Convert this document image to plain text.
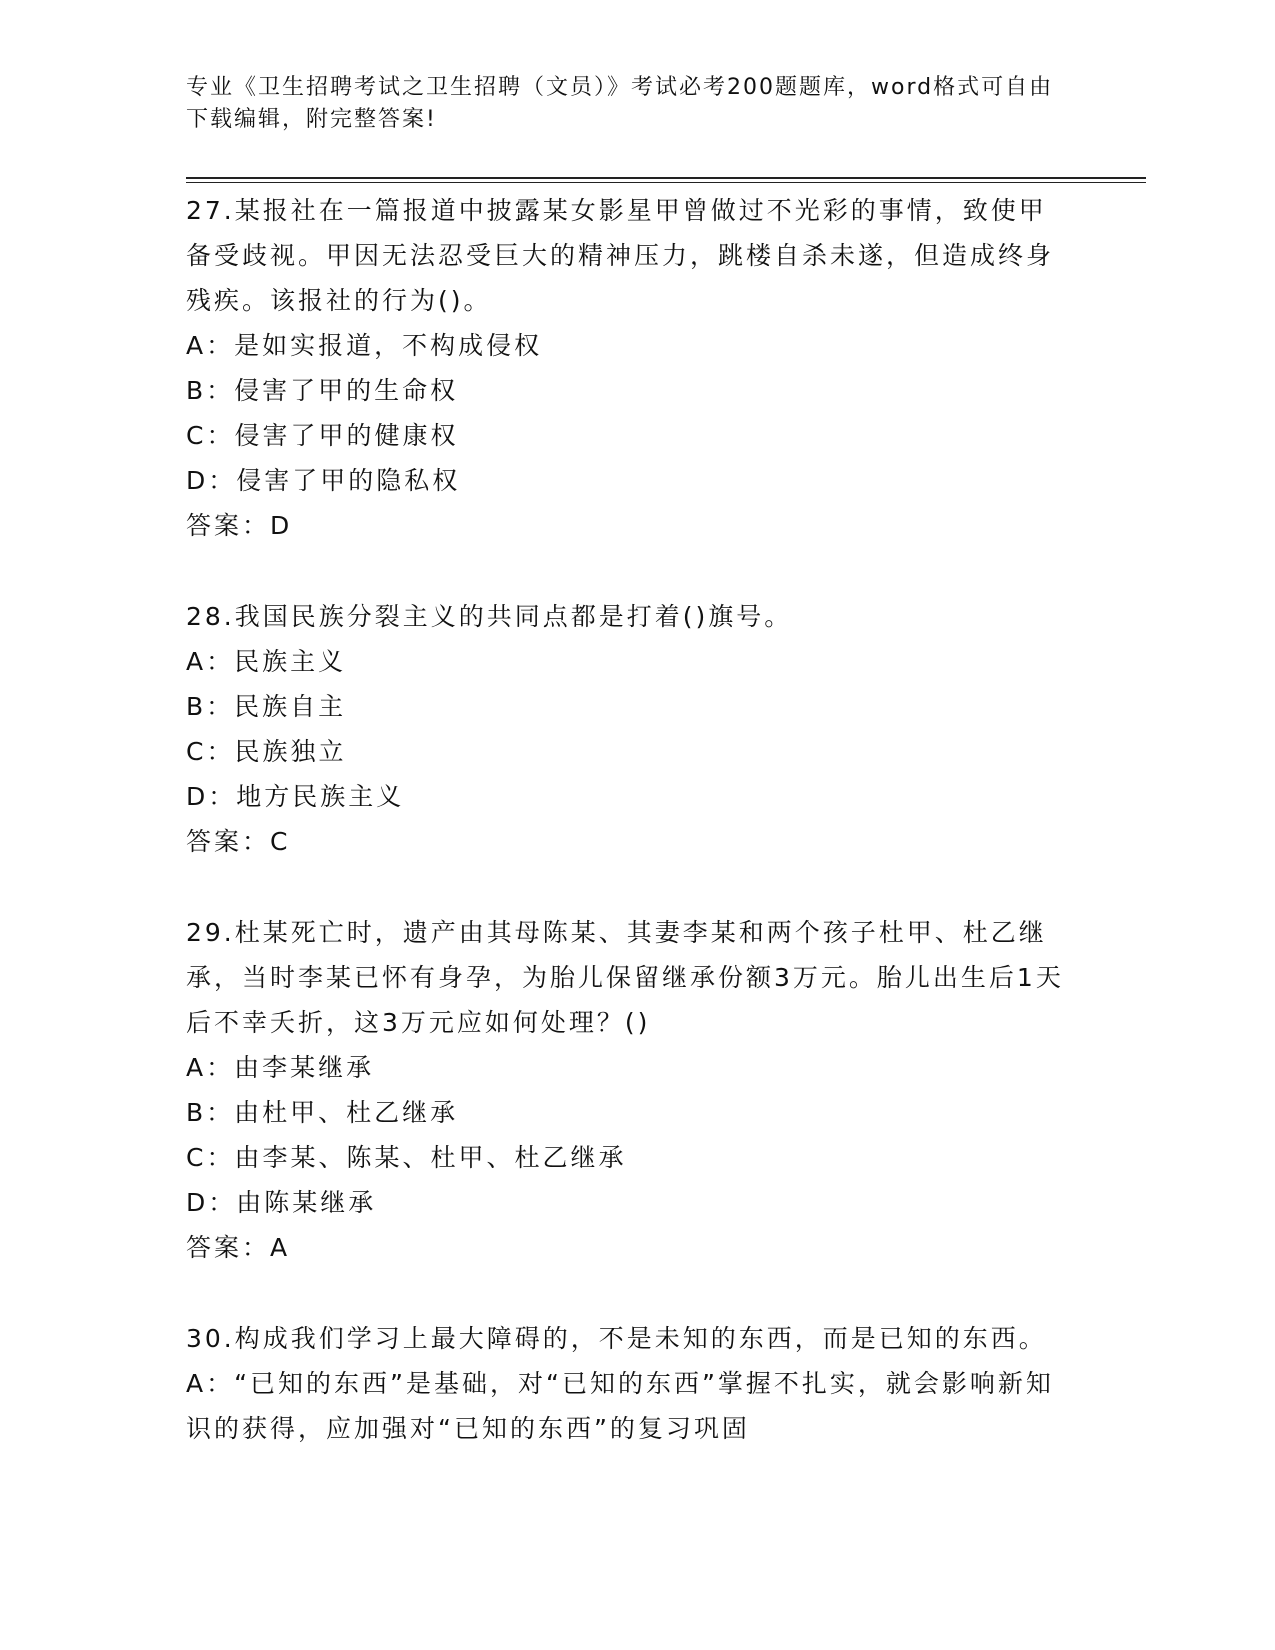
专业《卫生招聘考试之卫生招聘（文员）》考试必考200题题库，word格式可自由下载编辑，附完整答案!
27.某报社在一篇报道中披露某女影星甲曾做过不光彩的事情，致使甲备受歧视。甲因无法忍受巨大的精神压力，跳楼自杀未遂，但造成终身残疾。该报社的行为()。
A：是如实报道，不构成侵权
B：侵害了甲的生命权
C：侵害了甲的健康权
D：侵害了甲的隐私权
答案：D
28.我国民族分裂主义的共同点都是打着()旗号。
A：民族主义
B：民族自主
C：民族独立
D：地方民族主义
答案：C
29.杜某死亡时，遗产由其母陈某、其妻李某和两个孩子杜甲、杜乙继承，当时李某已怀有身孕，为胎儿保留继承份额3万元。胎儿出生后1天后不幸夭折，这3万元应如何处理？()
A：由李某继承
B：由杜甲、杜乙继承
C：由李某、陈某、杜甲、杜乙继承
D：由陈某继承
答案：A
30.构成我们学习上最大障碍的，不是未知的东西，而是已知的东西。
A：“已知的东西”是基础，对“已知的东西”掌握不扎实，就会影响新知识的获得，应加强对“已知的东西”的复习巩固
